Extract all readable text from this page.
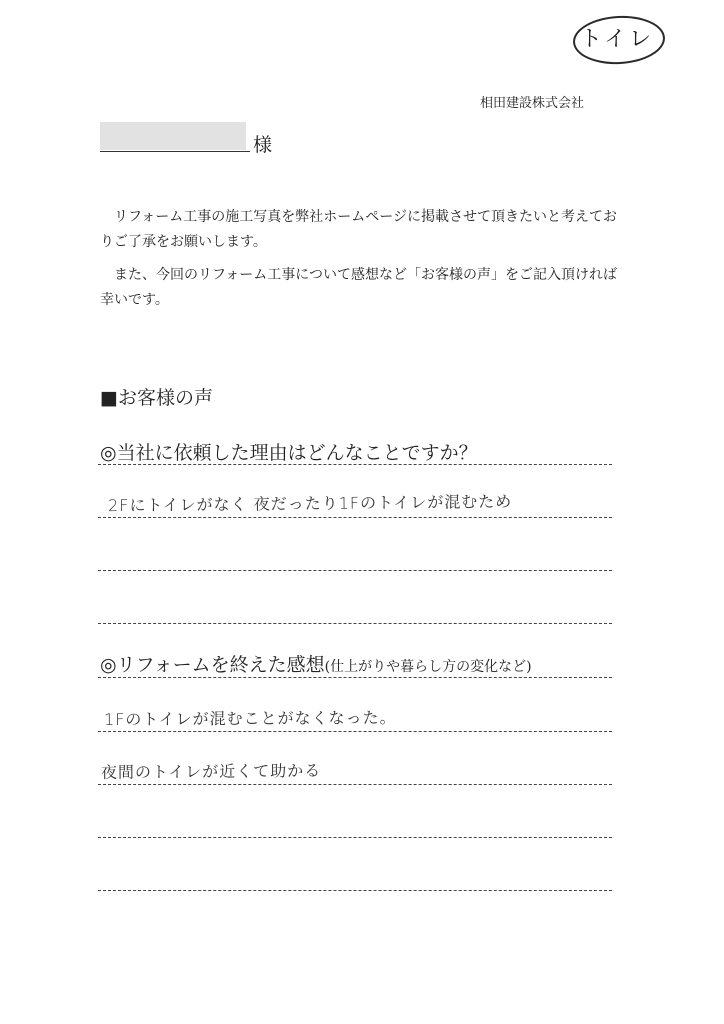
トイレ
相田建設株式会社
様
リフォーム工事の施工写真を弊社ホームページに掲載させて頂きたいと考えておりご了承をお願いします。
また、今回のリフォーム工事について感想など「お客様の声」をご記入頂ければ幸いです。
■お客様の声
◎当社に依頼した理由はどんなことですか？
2Fにトイレがなく 夜だったり1Fのトイレが混むため
◎リフォームを終えた感想(仕上がりや暮らし方の変化など)
1Fのトイレが混むことがなくなった。
夜間のトイレが近くて助かる
